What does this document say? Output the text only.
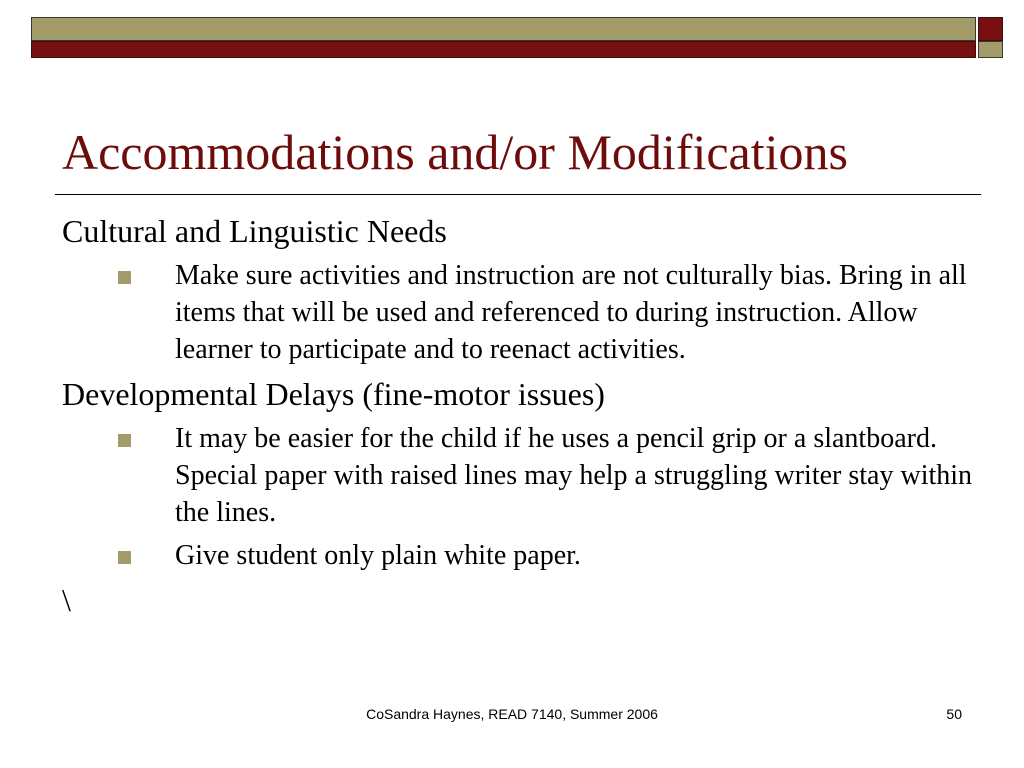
Accommodations and/or Modifications

Cultural and Linguistic Needs

Make sure activities and instruction are not culturally bias. Bring in all items that will be used and referenced to during instruction. Allow learner to participate and to reenact activities.

Developmental Delays (fine-motor issues)

It may be easier for the child if he uses a pencil grip or a slantboard. Special paper with raised lines may help a struggling writer stay within the lines.
Give student only plain white paper.

\

CoSandra Haynes, READ 7140, Summer 2006	50
